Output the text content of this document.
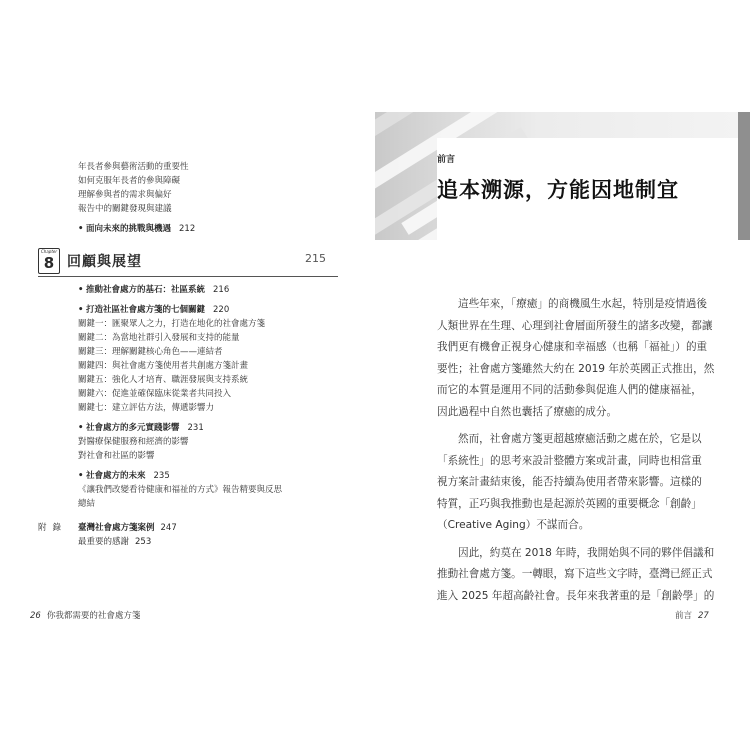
年長者參與藝術活動的重要性
如何克服年長者的參與障礙
理解參與者的需求與偏好
報告中的關鍵發現與建議
• 面向未來的挑戰與機遇 212
Chapter
8 回顧與展望	215
• 推動社會處方的基石：社區系統 216
• 打造社區社會處方箋的七個關鍵 220
關鍵一：匯聚眾人之力，打造在地化的社會處方箋
關鍵二：為當地社群引入發展和支持的能量
關鍵三：理解關鍵核心角色——連結者
關鍵四：與社會處方箋使用者共創處方箋計畫
關鍵五：強化人才培育、職涯發展與支持系統
關鍵六：促進並確保臨床從業者共同投入
關鍵七：建立評估方法，傳遞影響力
• 社會處方的多元實踐影響 231
對醫療保健服務和經濟的影響
對社會和社區的影響
• 社會處方的未來 235
《讓我們改變看待健康和福祉的方式》報告精要與反思
總結
附錄 臺灣社會處方箋案例 247
最重要的感謝 253
26 你我都需要的社會處方箋
前言
追本溯源，方能因地制宜

這些年來，「療癒」的商機風生水起，特別是疫情過後
人類世界在生理、心理到社會層面所發生的諸多改變，都讓
我們更有機會正視身心健康和幸福感（也稱「福祉」）的重
要性；社會處方箋雖然大約在 2019 年於英國正式推出，然
而它的本質是運用不同的活動參與促進人們的健康福祉，
因此過程中自然也囊括了療癒的成分。

然而，社會處方箋更超越療癒活動之處在於，它是以
「系統性」的思考來設計整體方案或計畫，同時也相當重
視方案計畫結束後，能否持續為使用者帶來影響。這樣的
特質，正巧與我推動也是起源於英國的重要概念「創齡」
（Creative Aging）不謀而合。

因此，約莫在 2018 年時，我開始與不同的夥伴倡議和
推動社會處方箋。一轉眼，寫下這些文字時，臺灣已經正式
進入 2025 年超高齡社會。長年來我著重的是「創齡學」的

前言 27
